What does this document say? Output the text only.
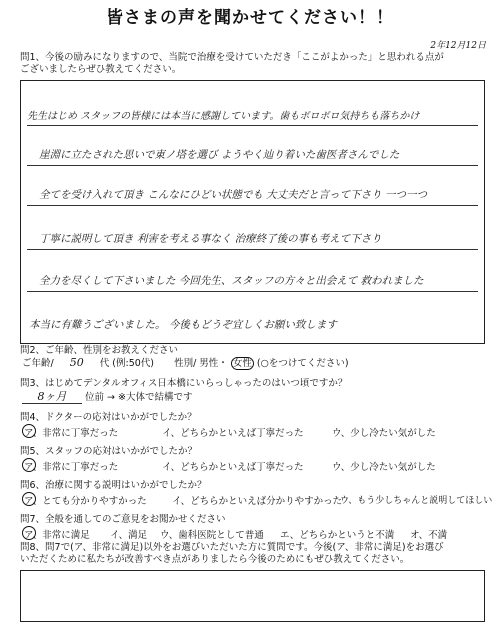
皆さまの声を聞かせてください！！
2年12月12日
問1、今後の励みになりますので、当院で治療を受けていただき「ここがよかった」と思われる点が
ございましたらぜひ教えてください。
先生はじめ スタッフの皆様には本当に感謝しています。歯もボロボロ気持ちも落ちかけ
崖淵に立たされた思いで東ノ塔を選び ようやく辿り着いた歯医者さんでした
全てを受け入れて頂き こんなにひどい状態でも 大丈夫だと言って下さり 一つ一つ
丁寧に説明して頂き 利害を考える事なく 治療終了後の事も考えて下さり
全力を尽くして下さいました 今回先生、スタッフの方々と出会えて 救われました
本当に有難うございました。 今後もどうぞ宜しくお願い致します
問2、ご年齢、性別をお教えください
ご年齢/ 50 代 (例:50代) 性別/ 男性・ 女性 (○をつけてください)
問3、はじめてデンタルオフィス日本橋にいらっしゃったのはいつ頃ですか？
8ヶ月 位前 → ※大体で結構です
問4、ドクターの応対はいかがでしたか？
ア、非常に丁寧だった	イ、どちらかといえば丁寧だった	ウ、少し冷たい気がした
問5、スタッフの応対はいかがでしたか？
ア、非常に丁寧だった	イ、どちらかといえば丁寧だった	ウ、少し冷たい気がした
問6、治療に関する説明はいかがでしたか？
ア、とても分かりやすかった	イ、どちらかといえば分かりやすかった
ウ、もう少しちゃんと説明してほしい
問7、全般を通してのご意見をお聞かせください
ア、非常に満足 イ、満足 ウ、歯科医院として普通 エ、どちらかというと不満 オ、不満
問8、問7で(ア、非常に満足)以外をお選びいただいた方に質問です。今後(ア、非常に満足)をお選び
いただくために私たちが改善すべき点がありましたら今後のためにもぜひ教えてください。
